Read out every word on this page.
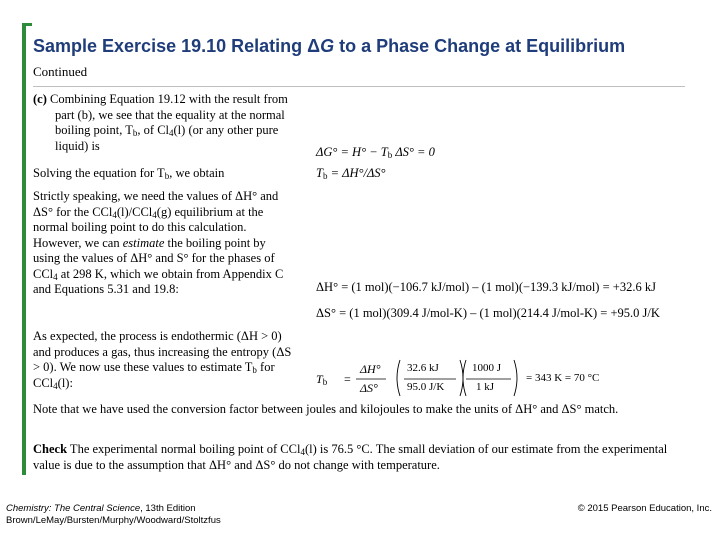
Sample Exercise 19.10 Relating ΔG to a Phase Change at Equilibrium
Continued
(c) Combining Equation 19.12 with the result from part (b), we see that the equality at the normal boiling point, $T_b$, of $Cl_4(l)$ (or any other pure liquid) is	$\Delta G^\circ = H^\circ - T_b$ ΔS° = 0
Solving the equation for $T_b$, we obtain	$T_b = \Delta H^\circ/\Delta S^\circ$
Strictly speaking, we need the values of ΔH° and ΔS° for the CCl$_4$(l)/CCl$_4$(g) equilibrium at the normal boiling point to do this calculation. However, we can estimate the boiling point by using the values of ΔH° and S° for the phases of CCl$_4$ at 298 K, which we obtain from Appendix C and Equations 5.31 and 19.8:	ΔH° = (1 mol)(−106.7 kJ/mol) – (1 mol)(−139.3 kJ/mol) = +32.6 kJ
ΔS° = (1 mol)(309.4 J/mol-K) – (1 mol)(214.4 J/mol-K) = +95.0 J/K
As expected, the process is endothermic (ΔH > 0) and produces a gas, thus increasing the entropy (ΔS > 0). We now use these values to estimate $T_b$ for CCl$_4$(l):	$T_b$ =
ΔH°
ΔS°
32.6 kJ
95.0 J/K
1000 J
1 kJ
= 343 K = 70 °C
Note that we have used the conversion factor between joules and kilojoules to make the units of ΔH° and ΔS° match.
Check The experimental normal boiling point of CCl$_4$(l) is 76.5 °C. The small deviation of our estimate from the experimental value is due to the assumption that ΔH° and ΔS° do not change with temperature.
Chemistry: The Central Science, 13th Edition
Brown/LeMay/Bursten/Murphy/Woodward/Stoltzfus
© 2015 Pearson Education, Inc.
